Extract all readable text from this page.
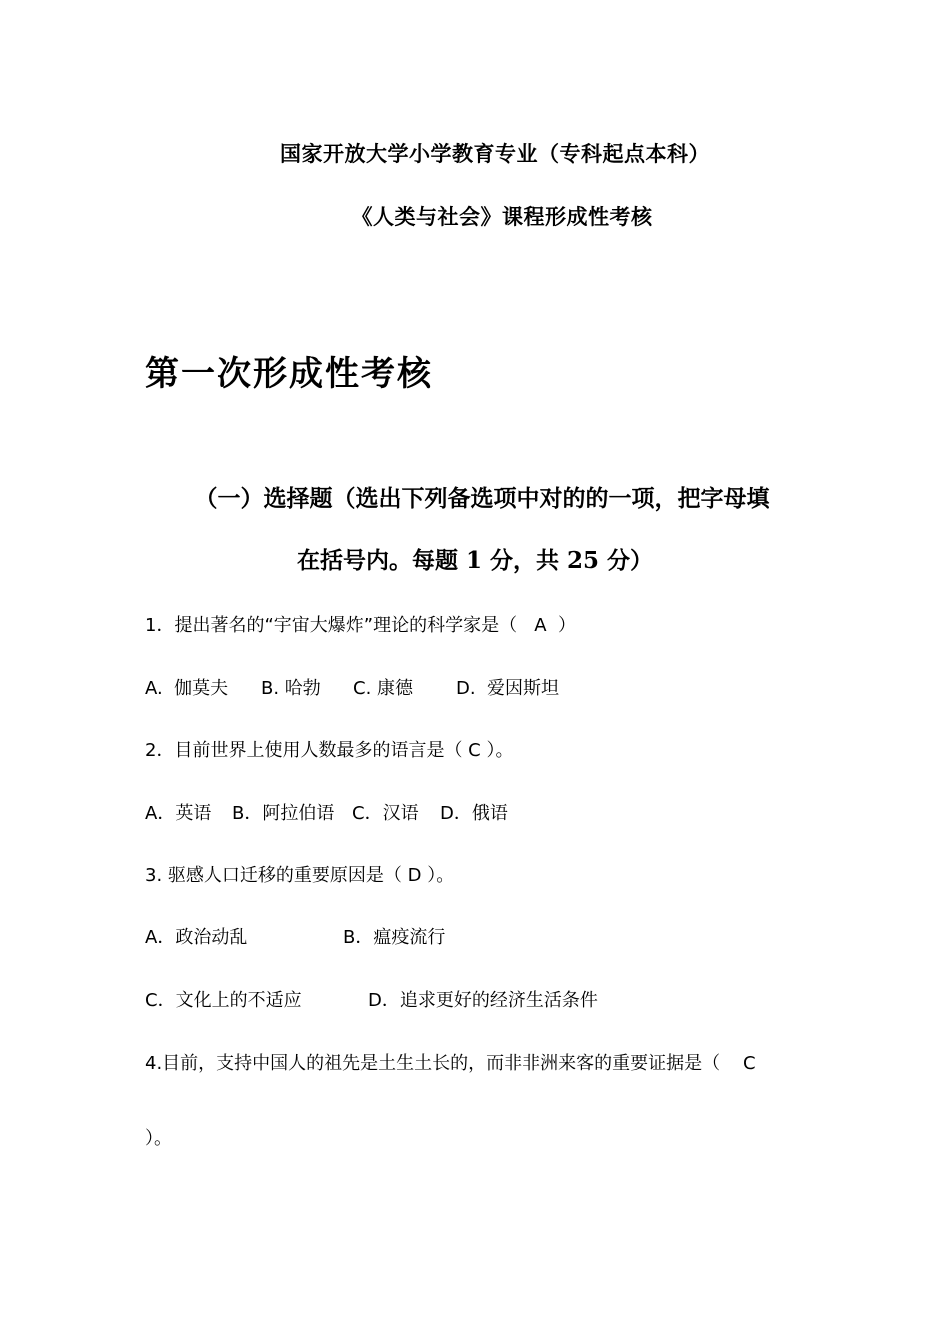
国家开放大学小学教育专业（专科起点本科）
《人类与社会》课程形成性考核
第一次形成性考核
（一）选择题（选出下列备选项中对的的一项，把字母填
在括号内。每题 1 分，共 25 分）
1．提出著名的“宇宙大爆炸”理论的科学家是（   A  ）
A.  伽莫夫 B. 哈勃 C. 康德 D.  爱因斯坦
2．目前世界上使用人数最多的语言是（ C ）。
A．英语 B．阿拉伯语 C．汉语 D．俄语
3. 驱感人口迁移的重要原因是（ D ）。
A．政治动乱	B．瘟疫流行
C．文化上的不适应	D．追求更好的经济生活条件
4.目前，支持中国人的祖先是土生土长的，而非非洲来客的重要证据是（    C
）。
